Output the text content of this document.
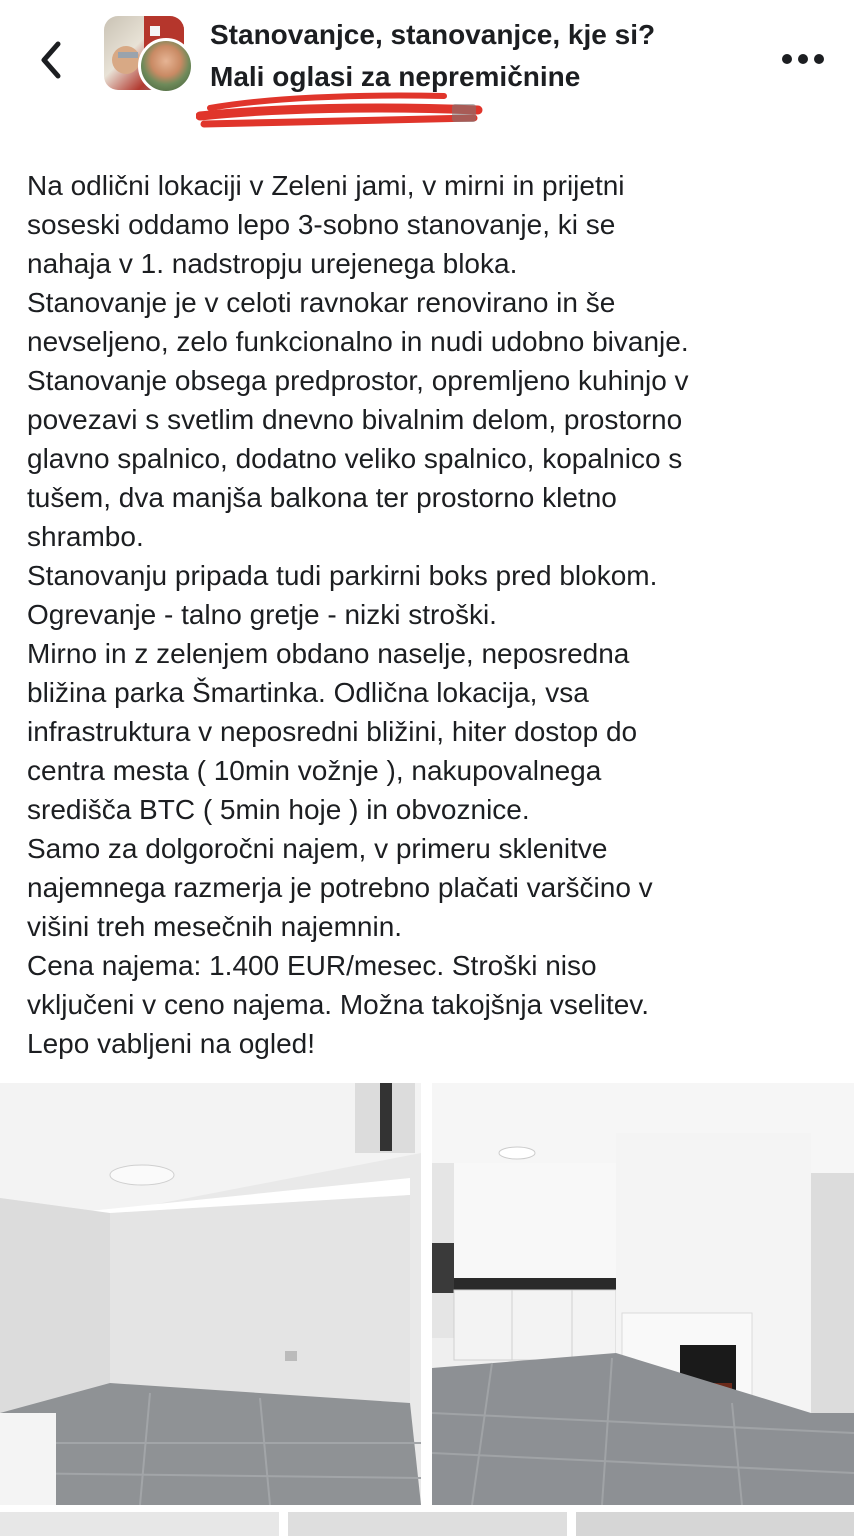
Stanovanjce, stanovanjce, kje si?
Mali oglasi za nepremičnine

Na odlični lokaciji v Zeleni jami, v mirni in prijetni
soseski oddamo lepo 3-sobno stanovanje, ki se
nahaja v 1. nadstropju urejenega bloka.
Stanovanje je v celoti ravnokar renovirano in še
nevseljeno, zelo funkcionalno in nudi udobno bivanje.
Stanovanje obsega predprostor, opremljeno kuhinjo v
povezavi s svetlim dnevno bivalnim delom, prostorno
glavno spalnico, dodatno veliko spalnico, kopalnico s
tušem, dva manjša balkona ter prostorno kletno
shrambo.
Stanovanju pripada tudi parkirni boks pred blokom.
Ogrevanje - talno gretje - nizki stroški.
Mirno in z zelenjem obdano naselje, neposredna
bližina parka Šmartinka. Odlična lokacija, vsa
infrastruktura v neposredni bližini, hiter dostop do
centra mesta ( 10min vožnje ), nakupovalnega
središča BTC ( 5min hoje ) in obvoznice.
Samo za dolgoročni najem, v primeru sklenitve
najemnega razmerja je potrebno plačati varščino v
višini treh mesečnih najemnin.
Cena najema: 1.400 EUR/mesec. Stroški niso
vključeni v ceno najema. Možna takojšnja vselitev.
Lepo vabljeni na ogled!
